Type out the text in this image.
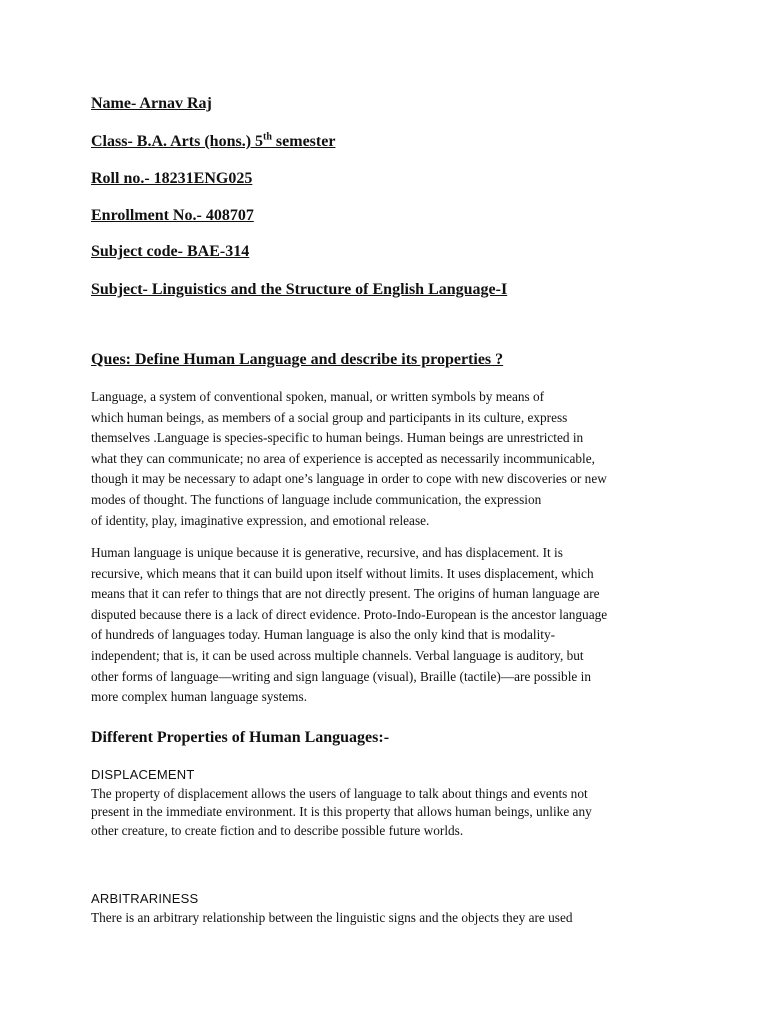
Name- Arnav Raj
Class- B.A. Arts (hons.) 5th semester
Roll no.- 18231ENG025
Enrollment No.- 408707
Subject code- BAE-314
Subject- Linguistics and the Structure of English Language-I
Ques: Define Human Language and describe its properties ?
Language, a system of conventional spoken, manual, or written symbols by means of
which human beings, as members of a social group and participants in its culture, express
themselves .Language is species-specific to human beings. Human beings are unrestricted in
what they can communicate; no area of experience is accepted as necessarily incommunicable,
though it may be necessary to adapt one’s language in order to cope with new discoveries or new
modes of thought. The functions of language include communication, the expression
of identity, play, imaginative expression, and emotional release.
Human language is unique because it is generative, recursive, and has displacement. It is
recursive, which means that it can build upon itself without limits. It uses displacement, which
means that it can refer to things that are not directly present. The origins of human language are
disputed because there is a lack of direct evidence. Proto-Indo-European is the ancestor language
of hundreds of languages today. Human language is also the only kind that is modality-
independent; that is, it can be used across multiple channels. Verbal language is auditory, but
other forms of language—writing and sign language (visual), Braille (tactile)—are possible in
more complex human language systems.
Different Properties of Human Languages:-
DISPLACEMENT
The property of displacement allows the users of language to talk about things and events not
present in the immediate environment. It is this property that allows human beings, unlike any
other creature, to create fiction and to describe possible future worlds.
ARBITRARINESS
There is an arbitrary relationship between the linguistic signs and the objects they are used
